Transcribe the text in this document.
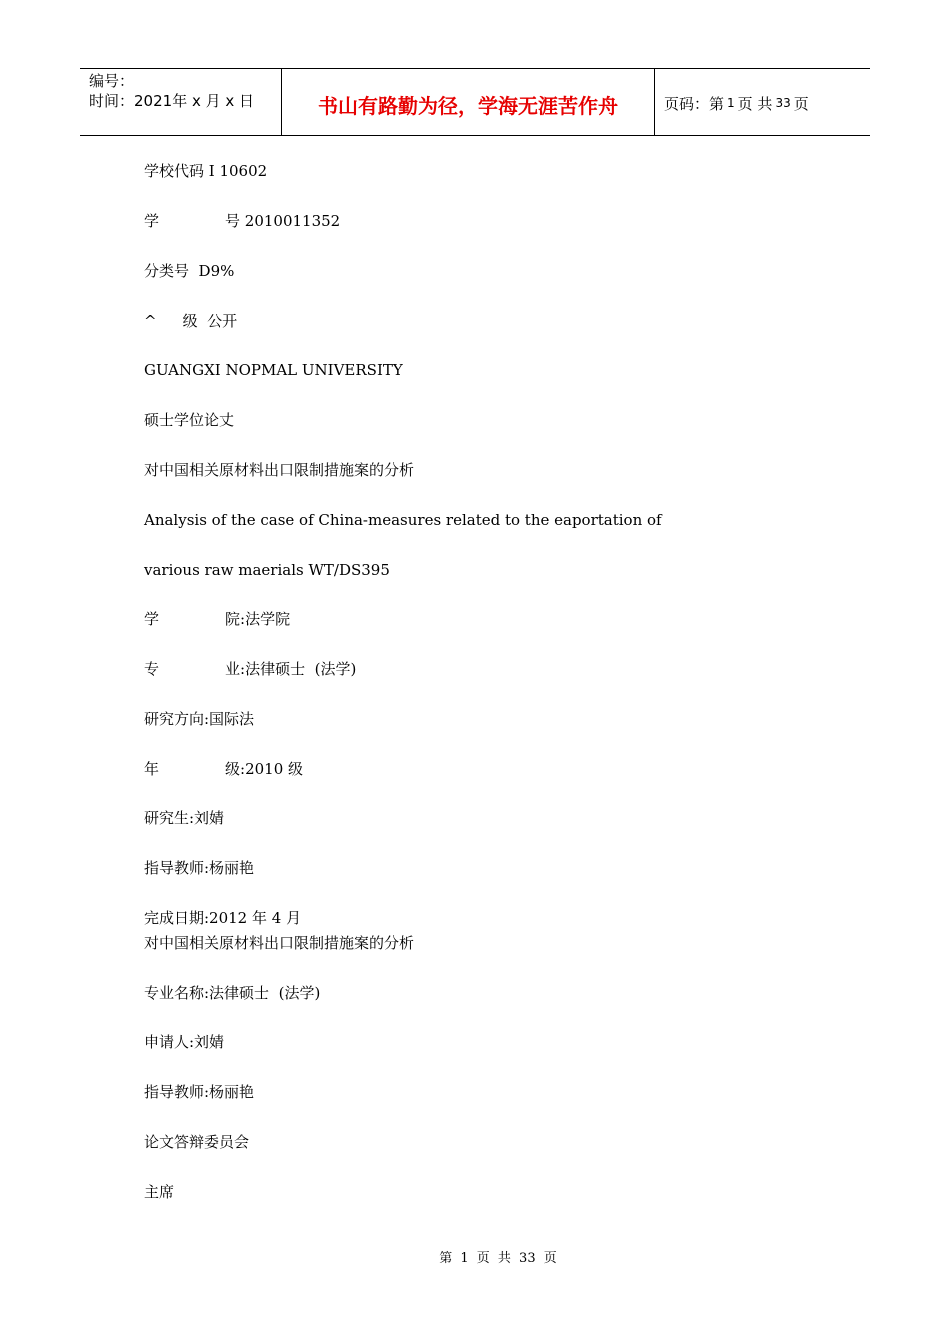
编号：
时间：2021年 x 月 x 日	书山有路勤为径，学海无涯苦作舟	页码：第 1 页 共 33 页
学校代码 I 10602
学	号 2010011352
分类号  D9%
^ 级  公开
GUANGXI NOPMAL UNIVERSITY
硕士学位论丈
对中国相关原材料出口限制措施案的分析
Analysis of the case of China-measures related to the eaportation of
various raw maerials WT/DS395
学	院:法学院
专	业:法律硕士  (法学)
研究方向:国际法
年	级:2010 级
研究生:刘婧
指导教师:杨丽艳
完成日期:2012 年 4 月
对中国相关原材料出口限制措施案的分析
专业名称:法律硕士  (法学)
申请人:刘婧
指导教师:杨丽艳
论文答辩委员会
主席
第 1 页 共 33 页
